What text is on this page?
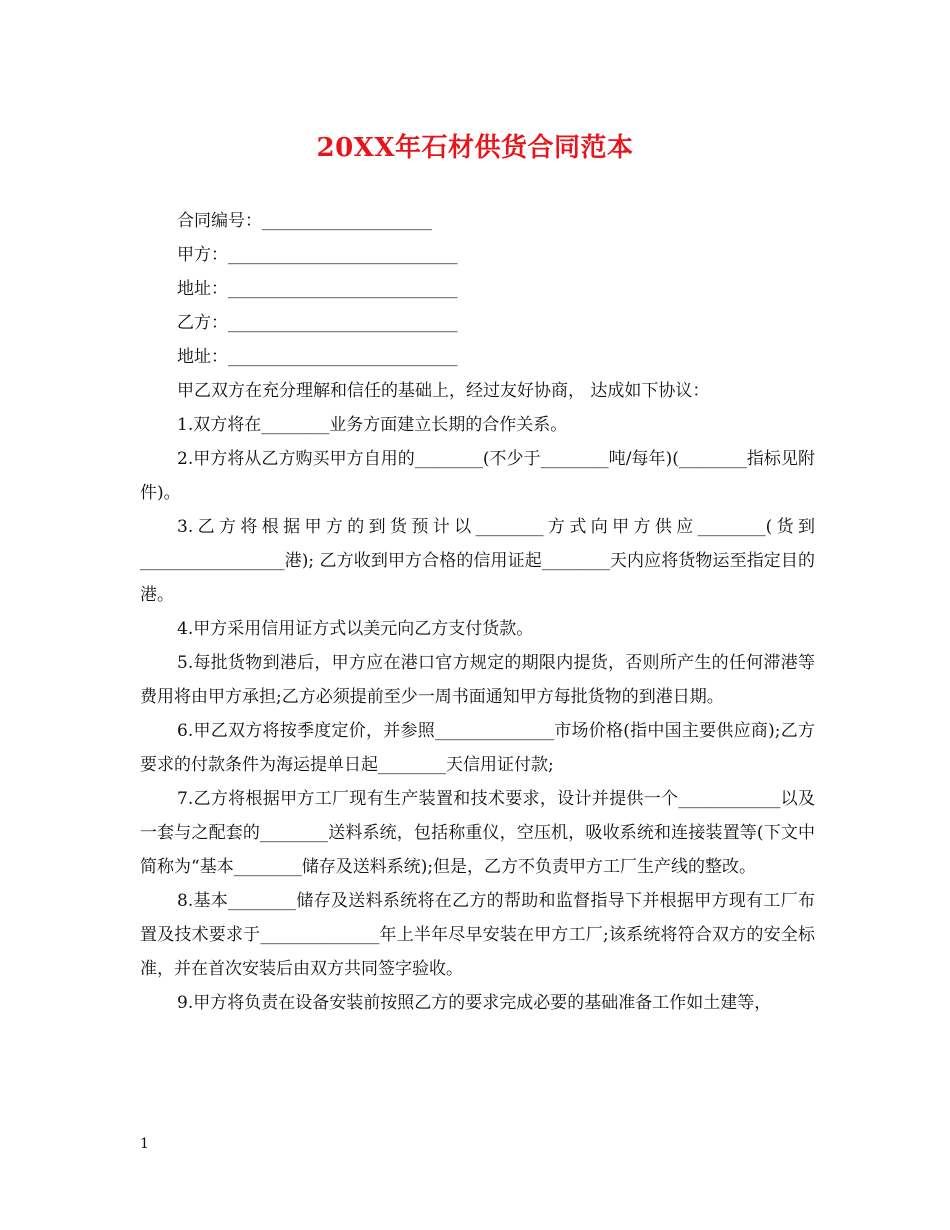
20XX年石材供货合同范本
合同编号：____________________
甲方：___________________________
地址：___________________________
乙方：___________________________
地址：___________________________

甲乙双方在充分理解和信任的基础上，经过友好协商， 达成如下协议：

1.双方将在________业务方面建立长期的合作关系。

2.甲方将从乙方购买甲方自用的________(不少于________吨/每年)(________指标见附件)。

3.乙方将根据甲方的到货预计以________方式向甲方供应________(货到_________________港); 乙方收到甲方合格的信用证起________天内应将货物运至指定目的港。

4.甲方采用信用证方式以美元向乙方支付货款。

5.每批货物到港后，甲方应在港口官方规定的期限内提货，否则所产生的任何滞港等费用将由甲方承担;乙方必须提前至少一周书面通知甲方每批货物的到港日期。

6.甲乙双方将按季度定价，并参照______________市场价格(指中国主要供应商);乙方要求的付款条件为海运提单日起________天信用证付款;

7.乙方将根据甲方工厂现有生产装置和技术要求，设计并提供一个____________以及一套与之配套的________送料系统，包括称重仪，空压机，吸收系统和连接装置等(下文中简称为“基本________储存及送料系统);但是，乙方不负责甲方工厂生产线的整改。

8.基本________储存及送料系统将在乙方的帮助和监督指导下并根据甲方现有工厂布置及技术要求于______________年上半年尽早安装在甲方工厂;该系统将符合双方的安全标准，并在首次安装后由双方共同签字验收。

9.甲方将负责在设备安装前按照乙方的要求完成必要的基础准备工作如土建等，

1
